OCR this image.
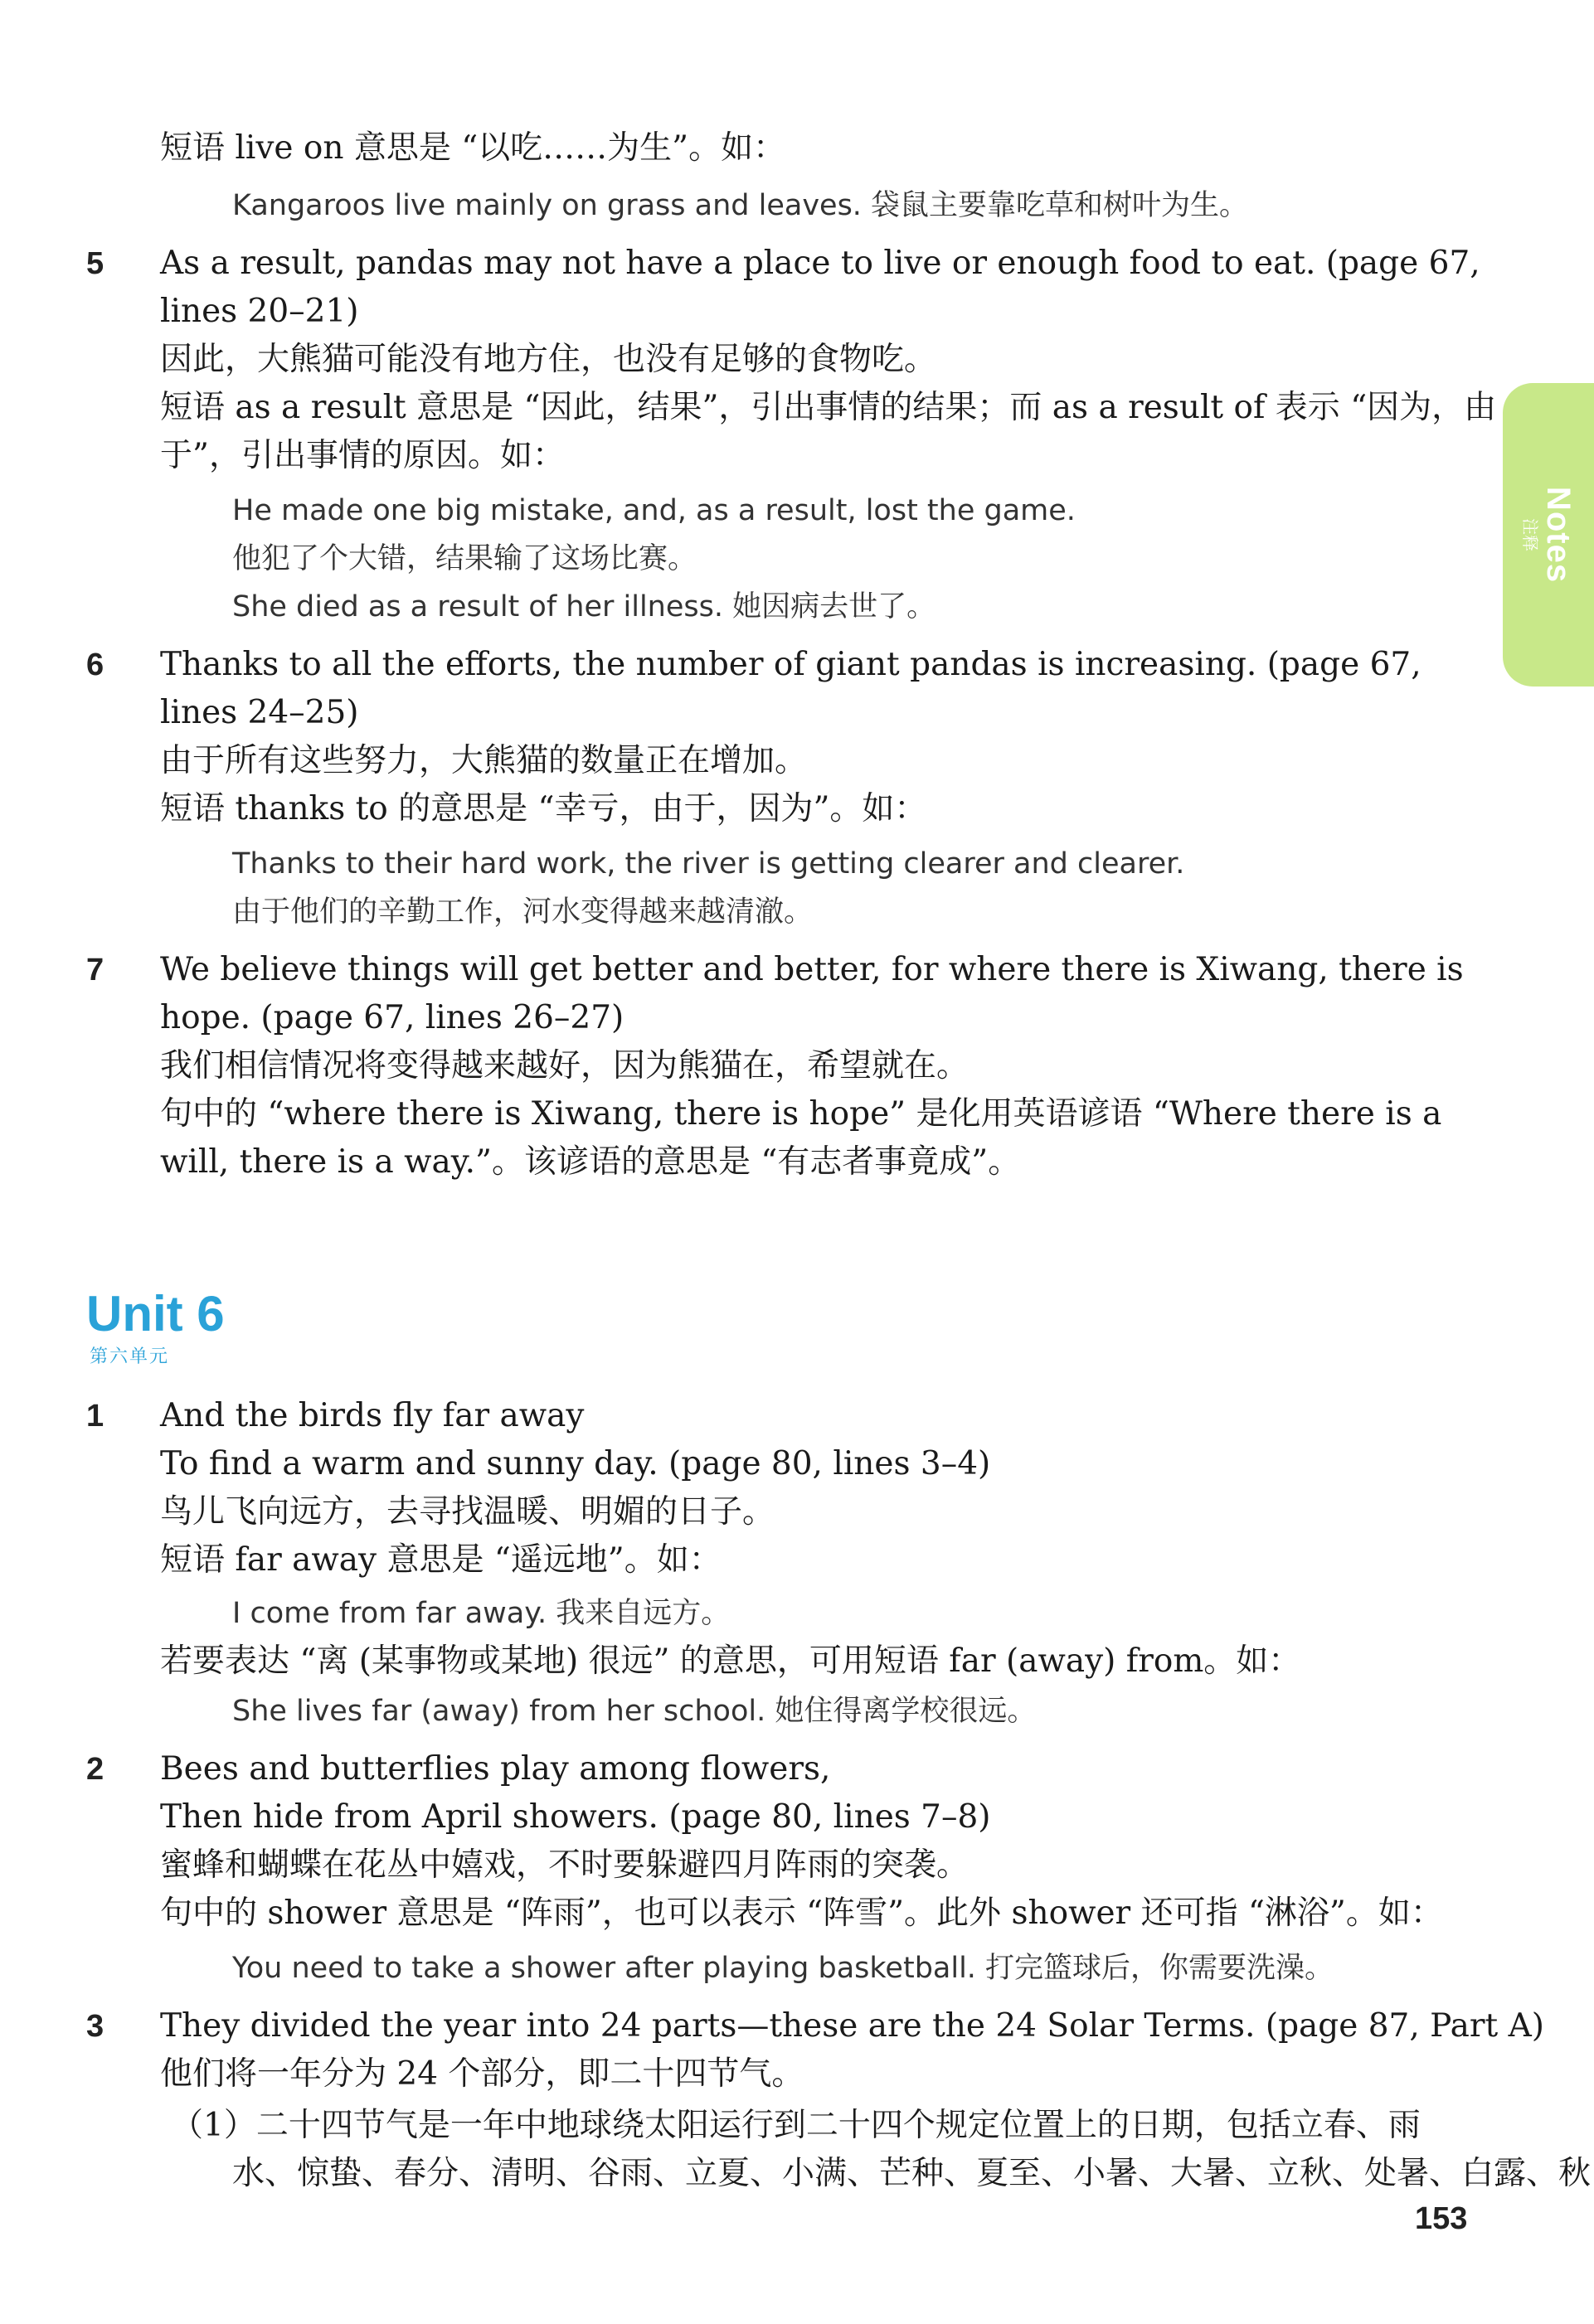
Notes
注释
短语 live on 意思是 “以吃……为生”。如：
Kangaroos live mainly on grass and leaves. 袋鼠主要靠吃草和树叶为生。
5 As a result, pandas may not have a place to live or enough food to eat. (page 67,
lines 20–21)
因此，大熊猫可能没有地方住，也没有足够的食物吃。
短语 as a result 意思是 “因此，结果”，引出事情的结果；而 as a result of 表示 “因为，由
于”，引出事情的原因。如：
He made one big mistake, and, as a result, lost the game.
他犯了个大错，结果输了这场比赛。
She died as a result of her illness. 她因病去世了。
6 Thanks to all the efforts, the number of giant pandas is increasing. (page 67,
lines 24–25)
由于所有这些努力，大熊猫的数量正在增加。
短语 thanks to 的意思是 “幸亏，由于，因为”。如：
Thanks to their hard work, the river is getting clearer and clearer.
由于他们的辛勤工作，河水变得越来越清澈。
7 We believe things will get better and better, for where there is Xiwang, there is
hope. (page 67, lines 26–27)
我们相信情况将变得越来越好，因为熊猫在，希望就在。
句中的 “where there is Xiwang, there is hope” 是化用英语谚语 “Where there is a
will, there is a way.”。该谚语的意思是 “有志者事竟成”。
Unit 6
第六单元
1 And the birds fly far away
To find a warm and sunny day. (page 80, lines 3–4)
鸟儿飞向远方，去寻找温暖、明媚的日子。
短语 far away 意思是 “遥远地”。如：
I come from far away. 我来自远方。
若要表达 “离 (某事物或某地) 很远” 的意思，可用短语 far (away) from。如：
She lives far (away) from her school. 她住得离学校很远。
2 Bees and butterflies play among flowers,
Then hide from April showers. (page 80, lines 7–8)
蜜蜂和蝴蝶在花丛中嬉戏，不时要躲避四月阵雨的突袭。
句中的 shower 意思是 “阵雨”，也可以表示 “阵雪”。此外 shower 还可指 “淋浴”。如：
You need to take a shower after playing basketball. 打完篮球后，你需要洗澡。
3 They divided the year into 24 parts—these are the 24 Solar Terms. (page 87, Part A)
他们将一年分为 24 个部分，即二十四节气。
（1）二十四节气是一年中地球绕太阳运行到二十四个规定位置上的日期，包括立春、雨
水、惊蛰、春分、清明、谷雨、立夏、小满、芒种、夏至、小暑、大暑、立秋、处暑、白露、秋
153
